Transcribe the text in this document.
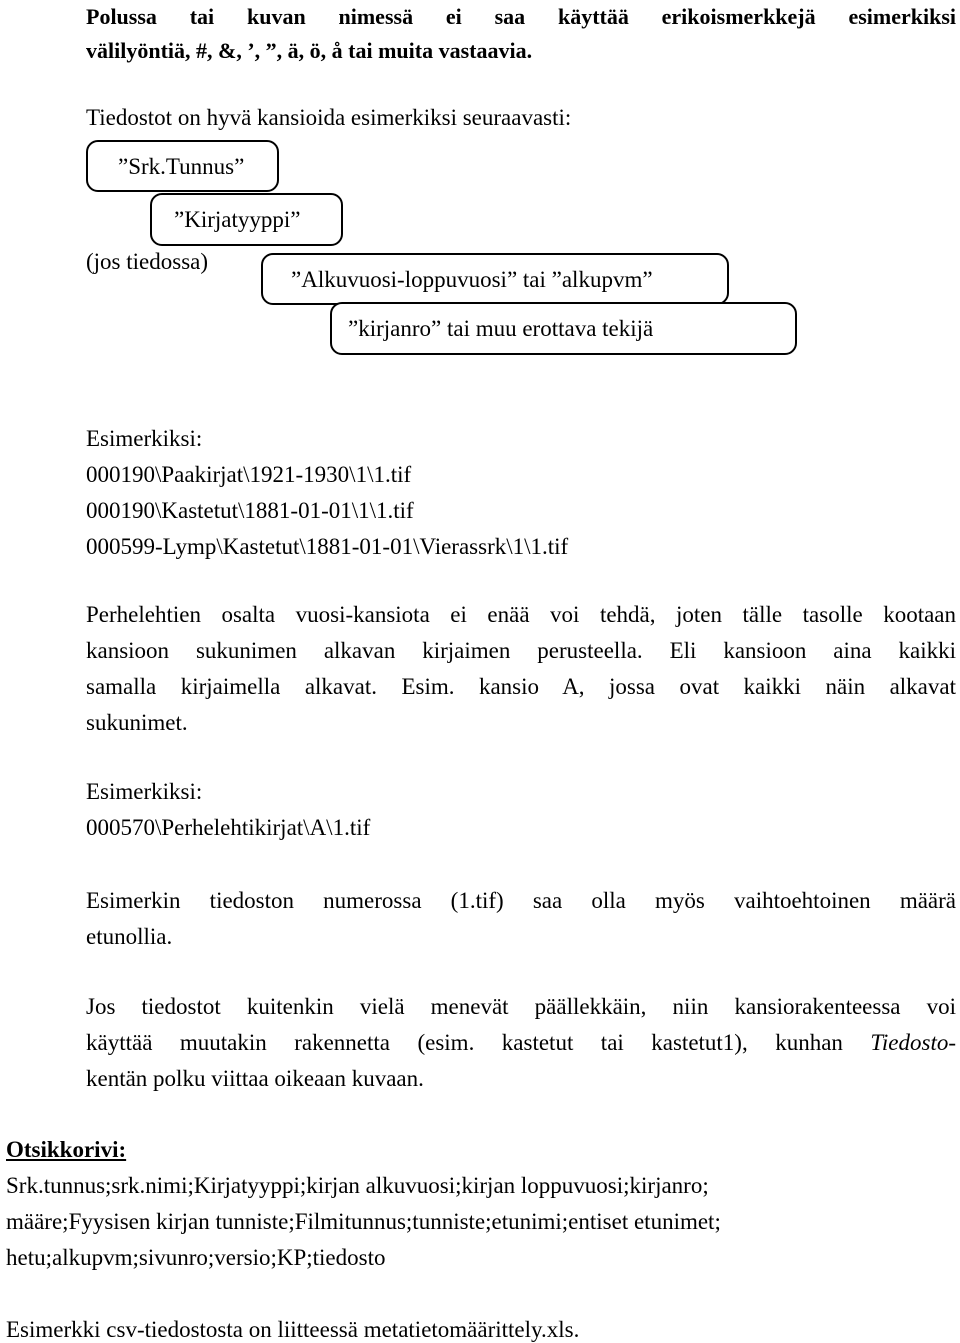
Polussa tai kuvan nimessä ei saa käyttää erikoismerkkejä esimerkiksi
välilyöntiä, #, &, ’, ”, ä, ö, å tai muita vastaavia.
Tiedostot on hyvä kansioida esimerkiksi seuraavasti:
”Srk.Tunnus”
”Kirjatyyppi”
(jos tiedossa)
”Alkuvuosi-loppuvuosi” tai ”alkupvm”
”kirjanro” tai muu erottava tekijä
Esimerkiksi:
000190\Paakirjat\1921-1930\1\1.tif
000190\Kastetut\1881-01-01\1\1.tif
000599-Lymp\Kastetut\1881-01-01\Vierassrk\1\1.tif
Perhelehtien osalta vuosi-kansiota ei enää voi tehdä, joten tälle tasolle kootaan
kansioon sukunimen alkavan kirjaimen perusteella. Eli kansioon aina kaikki
samalla kirjaimella alkavat. Esim. kansio A, jossa ovat kaikki näin alkavat
sukunimet.
Esimerkiksi:
000570\Perhelehtikirjat\A\1.tif
Esimerkin tiedoston numerossa (1.tif) saa olla myös vaihtoehtoinen määrä
etunollia.
Jos tiedostot kuitenkin vielä menevät päällekkäin, niin kansiorakenteessa voi
käyttää muutakin rakennetta (esim. kastetut tai kastetut1), kunhan Tiedosto-
kentän polku viittaa oikeaan kuvaan.
Otsikkorivi:
Srk.tunnus;srk.nimi;Kirjatyyppi;kirjan alkuvuosi;kirjan loppuvuosi;kirjanro;
määre;Fyysisen kirjan tunniste;Filmitunnus;tunniste;etunimi;entiset etunimet;
hetu;alkupvm;sivunro;versio;KP;tiedosto
Esimerkki csv-tiedostosta on liitteessä metatietomäärittely.xls.
